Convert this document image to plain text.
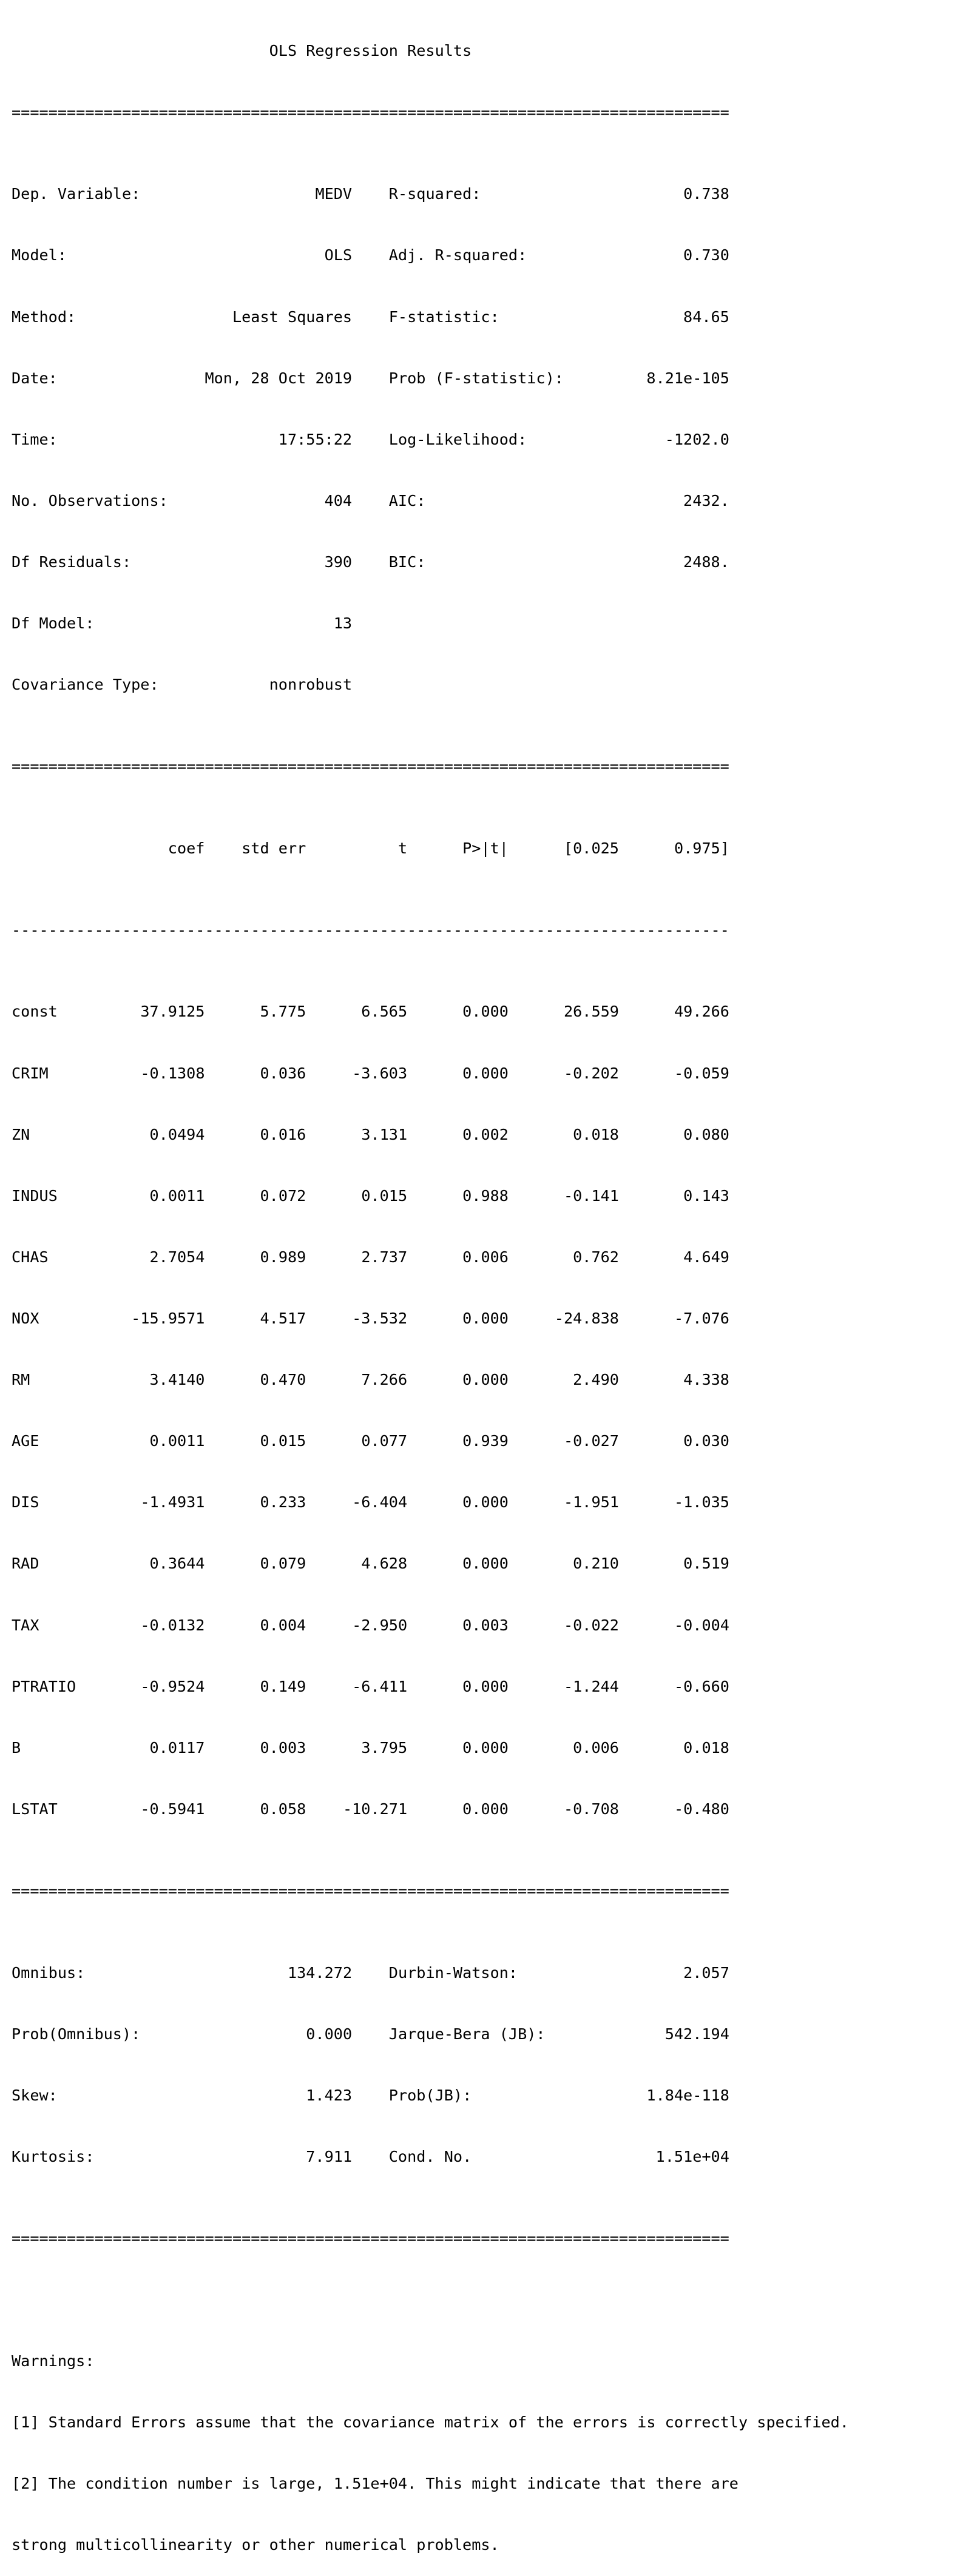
OLS Regression Results

==============================================================================

Dep. Variable:	MEDV R-squared:	0.738

Model:	OLS Adj. R-squared:	0.730

Method:	Least Squares F-statistic:	84.65

Date:	Mon, 28 Oct 2019 Prob (F-statistic):	8.21e-105

Time:	17:55:22 Log-Likelihood:	-1202.0

No. Observations:	404 AIC:	2432.

Df Residuals:	390 BIC:	2488.

Df Model:	13

Covariance Type:	nonrobust

==============================================================================

coef std err	t	P>|t|	[0.025	0.975]

------------------------------------------------------------------------------

const	37.9125	5.775	6.565	0.000	26.559	49.266

CRIM	-0.1308	0.036	-3.603	0.000	-0.202	-0.059

ZN	0.0494	0.016	3.131	0.002	0.018	0.080

INDUS	0.0011	0.072	0.015	0.988	-0.141	0.143

CHAS	2.7054	0.989	2.737	0.006	0.762	4.649

NOX	-15.9571	4.517	-3.532	0.000	-24.838	-7.076

RM	3.4140	0.470	7.266	0.000	2.490	4.338

AGE	0.0011	0.015	0.077	0.939	-0.027	0.030

DIS	-1.4931	0.233	-6.404	0.000	-1.951	-1.035

RAD	0.3644	0.079	4.628	0.000	0.210	0.519

TAX	-0.0132	0.004	-2.950	0.003	-0.022	-0.004

PTRATIO	-0.9524	0.149	-6.411	0.000	-1.244	-0.660

B	0.0117	0.003	3.795	0.000	0.006	0.018

LSTAT	-0.5941	0.058 -10.271	0.000	-0.708	-0.480

==============================================================================

Omnibus:	134.272 Durbin-Watson:	2.057

Prob(Omnibus):	0.000 Jarque-Bera (JB):	542.194

Skew:	1.423 Prob(JB):	1.84e-118

Kurtosis:	7.911 Cond. No.	1.51e+04

==============================================================================

Warnings:

[1] Standard Errors assume that the covariance matrix of the errors is correctly specified.

[2] The condition number is large, 1.51e+04. This might indicate that there are

strong multicollinearity or other numerical problems.
